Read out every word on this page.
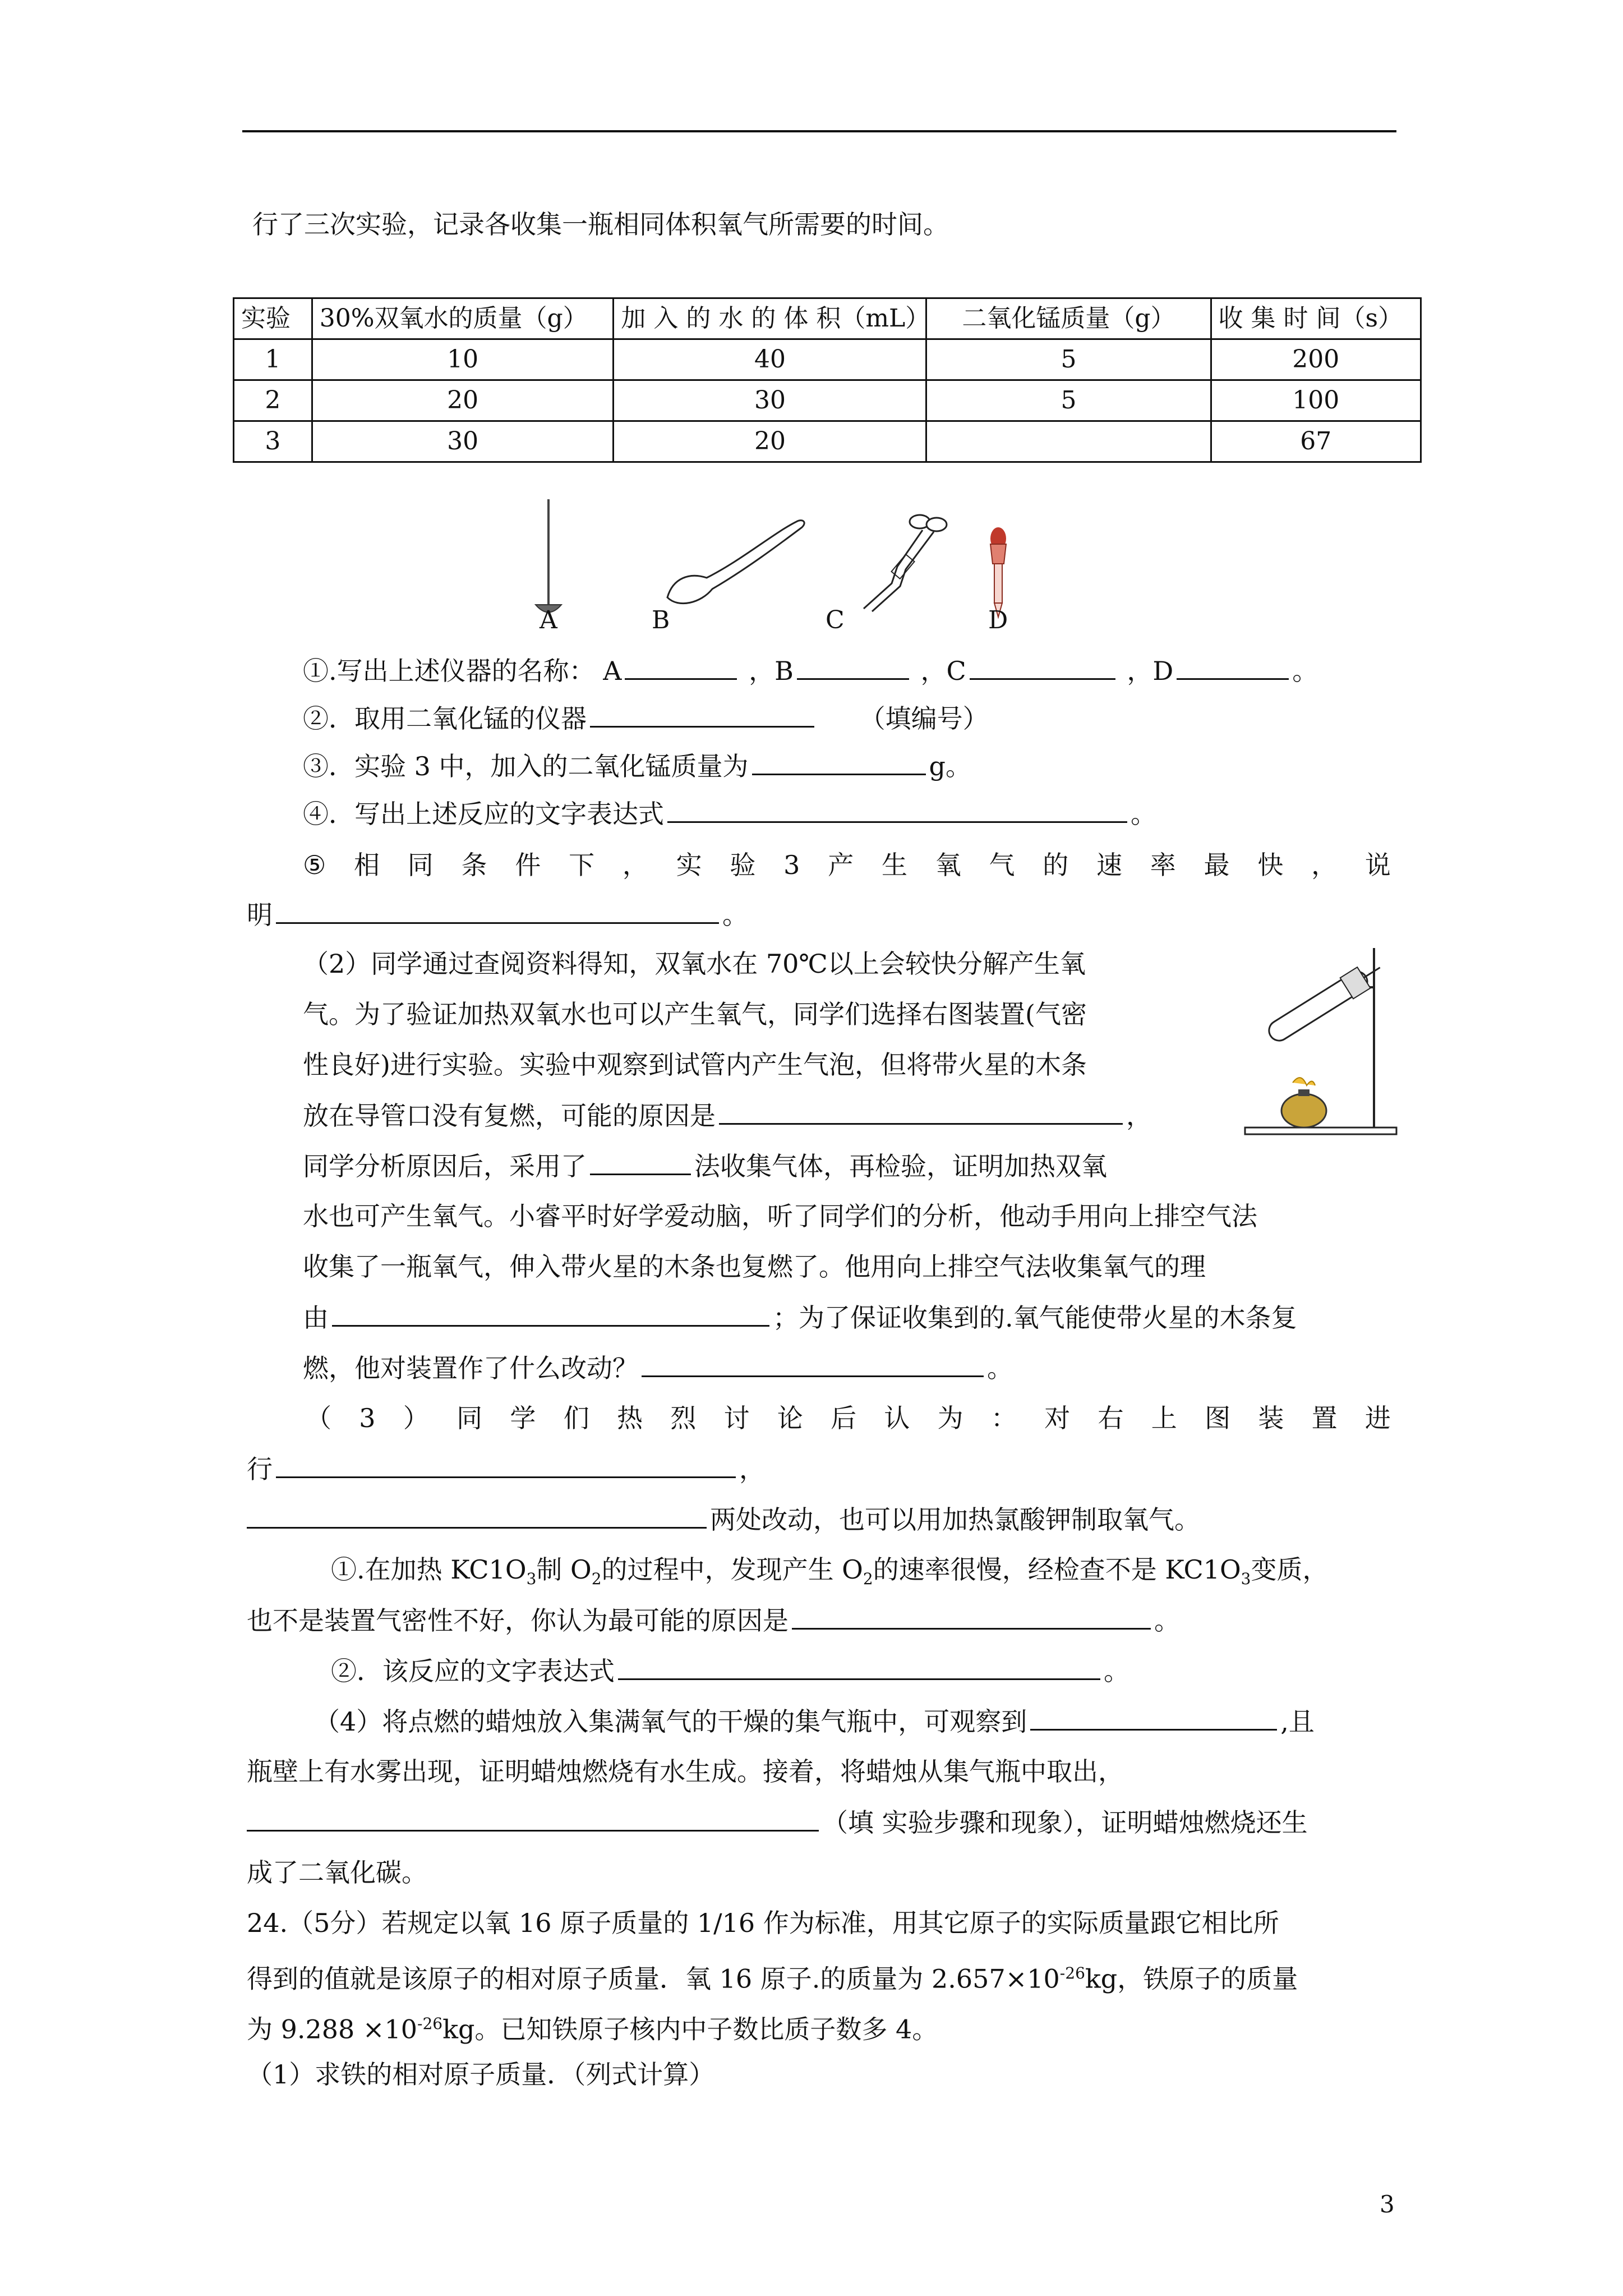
行了三次实验，记录各收集一瓶相同体积氧气所需要的时间。
实验	30%双氧水的质量（g）	加 入 的 水 的 体 积（mL）	二氧化锰质量（g）	收 集 时 间（s）
1	10	40	5	200
2	20	30	5	100
3	30	20		67
A	B	C	D
①.写出上述仪器的名称： A	，B	，C	，D	。
②．取用二氧化锰的仪器	（填编号）
③．实验 3 中，加入的二氧化锰质量为	g。
④．写出上述反应的文字表达式	。
⑤ 相 同 条 件 下 ， 实 验 3 产 生 氧 气 的 速 率 最 快 ， 说
明	。
（2）同学通过查阅资料得知，双氧水在 70℃以上会较快分解产生氧
气。为了验证加热双氧水也可以产生氧气，同学们选择右图装置(气密
性良好)进行实验。实验中观察到试管内产生气泡，但将带火星的木条
放在导管口没有复燃，可能的原因是	，
同学分析原因后，采用了	法收集气体，再检验，证明加热双氧
水也可产生氧气。小睿平时好学爱动脑，听了同学们的分析，他动手用向上排空气法
收集了一瓶氧气，伸入带火星的木条也复燃了。他用向上排空气法收集氧气的理
由	；为了保证收集到的.氧气能使带火星的木条复
燃，他对装置作了什么改动？	。
（ 3 ） 同 学 们 热 烈 讨 论 后 认 为 ： 对 右 上 图 装 置 进
行	，
两处改动，也可以用加热氯酸钾制取氧气。
①.在加热 $KC1O_3$制 $O_2$的过程中，发现产生 $O_2$的速率很慢，经检查不是 $KC1O_3$变质，
也不是装置气密性不好，你认为最可能的原因是	。
②．该反应的文字表达式	。
（4）将点燃的蜡烛放入集满氧气的干燥的集气瓶中，可观察到	,且
瓶壁上有水雾出现，证明蜡烛燃烧有水生成。接着，将蜡烛从集气瓶中取出，
（填 实验步骤和现象），证明蜡烛燃烧还生
成了二氧化碳。
24.（5分）若规定以氧 16 原子质量的 1/16 作为标准，用其它原子的实际质量跟它相比所
得到的值就是该原子的相对原子质量．氧 16 原子.的质量为 $2.657\times 10^{-26}kg$，铁原子的质量
为 $9.288 \times 10^{-26}kg$。已知铁原子核内中子数比质子数多 4。
（1）求铁的相对原子质量．（列式计算）
3
